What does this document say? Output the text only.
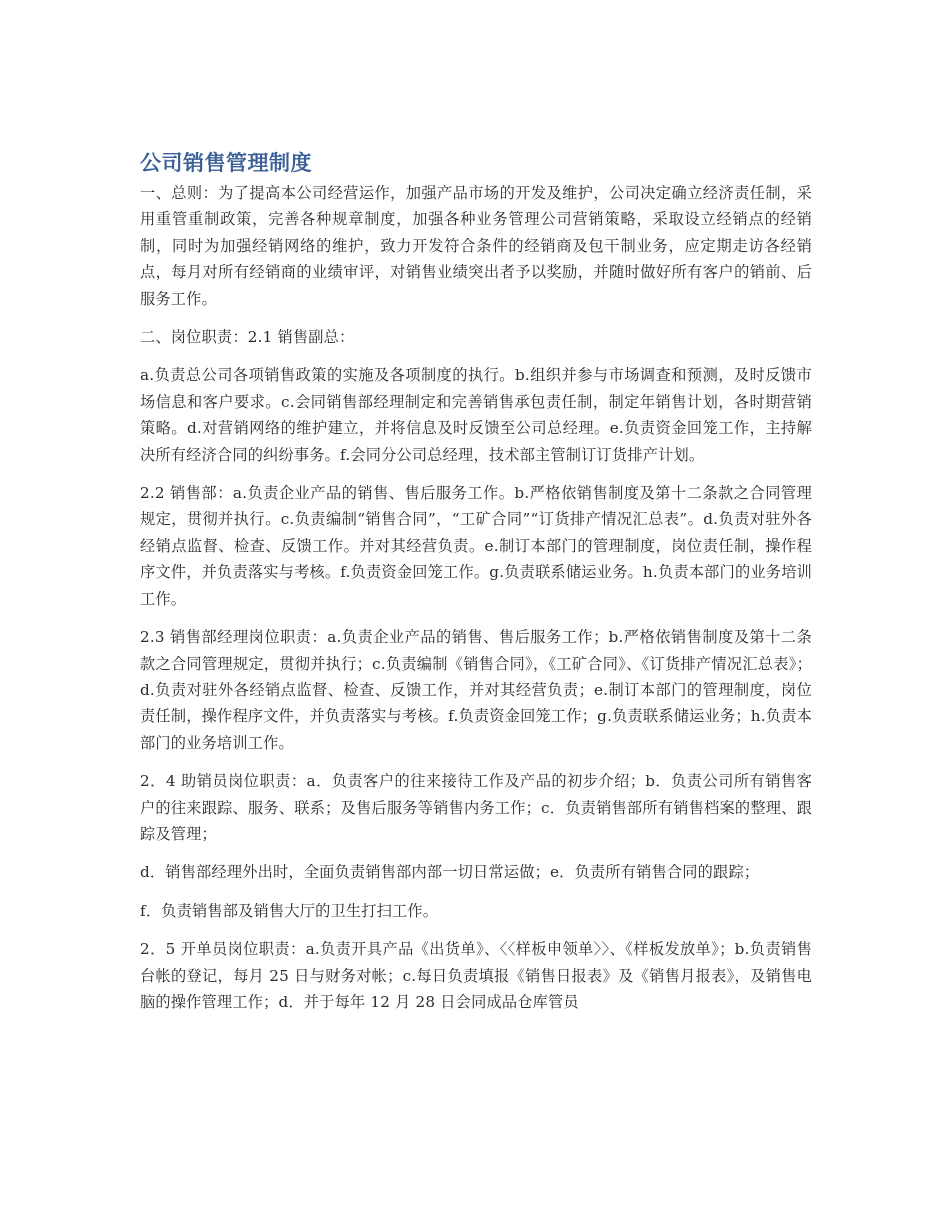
公司销售管理制度

一、总则：为了提高本公司经营运作，加强产品市场的开发及维护，公司决定确立经济责任制，采用重管重制政策，完善各种规章制度，加强各种业务管理公司营销策略，采取设立经销点的经销制，同时为加强经销网络的维护，致力开发符合条件的经销商及包干制业务，应定期走访各经销点，每月对所有经销商的业绩审评，对销售业绩突出者予以奖励，并随时做好所有客户的销前、后服务工作。

二、岗位职责：2.1 销售副总：

a.负责总公司各项销售政策的实施及各项制度的执行。b.组织并参与市场调查和预测，及时反馈市场信息和客户要求。c.会同销售部经理制定和完善销售承包责任制，制定年销售计划，各时期营销策略。d.对营销网络的维护建立，并将信息及时反馈至公司总经理。e.负责资金回笼工作，主持解决所有经济合同的纠纷事务。f.会同分公司总经理，技术部主管制订订货排产计划。

2.2 销售部：a.负责企业产品的销售、售后服务工作。b.严格依销售制度及第十二条款之合同管理规定，贯彻并执行。c.负责编制“销售合同”，“工矿合同”“订货排产情况汇总表”。d.负责对驻外各经销点监督、检查、反馈工作。并对其经营负责。e.制订本部门的管理制度，岗位责任制，操作程序文件，并负责落实与考核。f.负责资金回笼工作。g.负责联系储运业务。h.负责本部门的业务培训工作。

2.3 销售部经理岗位职责：a.负责企业产品的销售、售后服务工作；b.严格依销售制度及第十二条款之合同管理规定，贯彻并执行；c.负责编制《销售合同》，《工矿合同》、《订货排产情况汇总表》；d.负责对驻外各经销点监督、检查、反馈工作，并对其经营负责；e.制订本部门的管理制度，岗位责任制，操作程序文件，并负责落实与考核。f.负责资金回笼工作；g.负责联系储运业务；h.负责本部门的业务培训工作。

2．4 助销员岗位职责：a．负责客户的往来接待工作及产品的初步介绍；b．负责公司所有销售客户的往来跟踪、服务、联系；及售后服务等销售内务工作；c．负责销售部所有销售档案的整理、跟踪及管理；

d．销售部经理外出时，全面负责销售部内部一切日常运做；e．负责所有销售合同的跟踪；

f．负责销售部及销售大厅的卫生打扫工作。

2．5 开单员岗位职责：a.负责开具产品《出货单》、〈〈样板申领单〉〉、《样板发放单》；b.负责销售台帐的登记，每月 25 日与财务对帐；c.每日负责填报《销售日报表》及《销售月报表》，及销售电脑的操作管理工作；d．并于每年 12 月 28 日会同成品仓库管员
